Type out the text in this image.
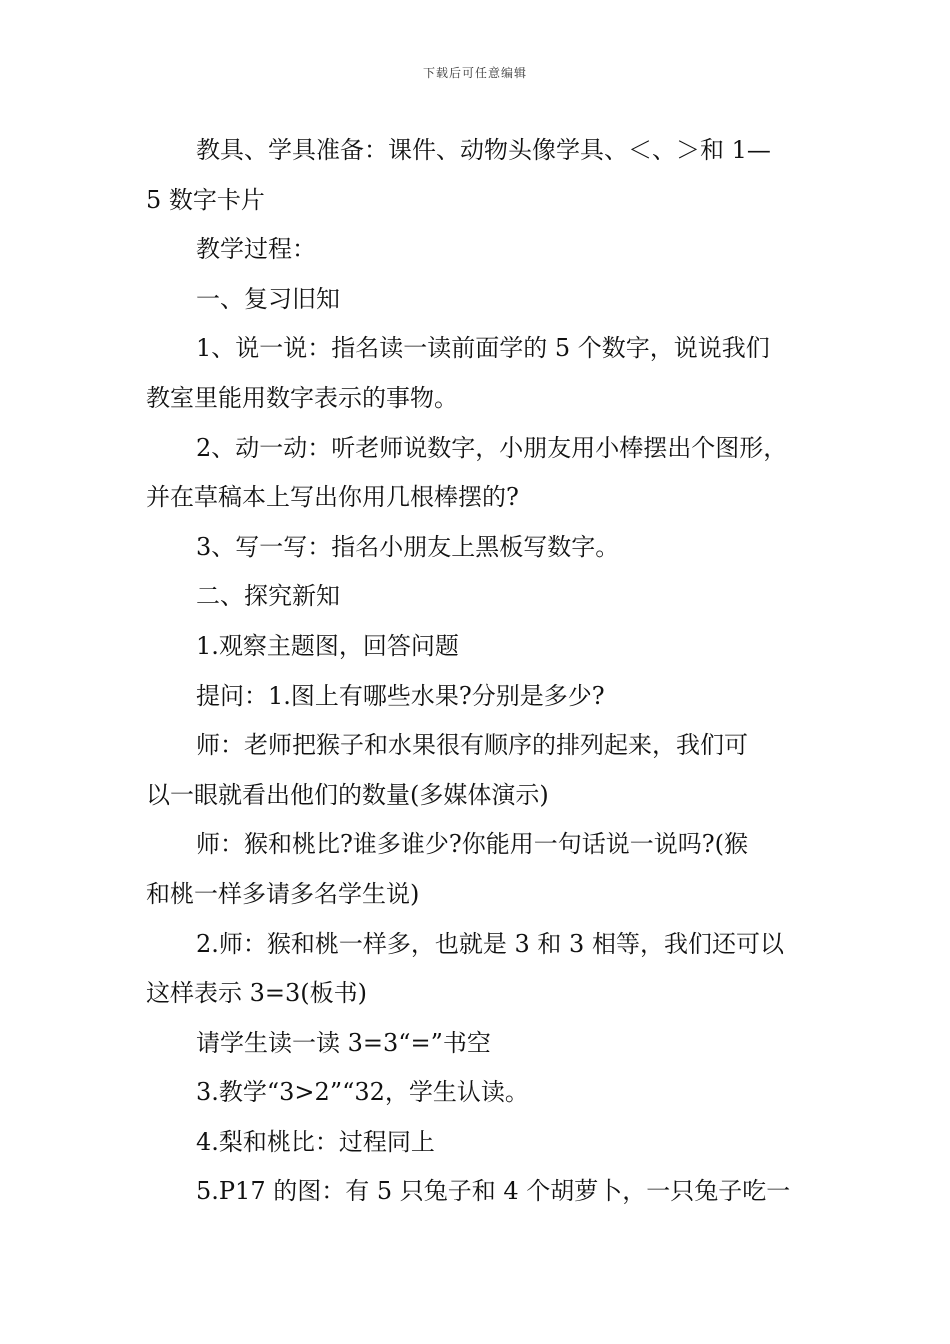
下载后可任意编辑
教具、学具准备：课件、动物头像学具、＜、＞和 1—
5 数字卡片
教学过程：
一、复习旧知
1、说一说：指名读一读前面学的 5 个数字，说说我们
教室里能用数字表示的事物。
2、动一动：听老师说数字，小朋友用小棒摆出个图形，
并在草稿本上写出你用几根棒摆的?
3、写一写：指名小朋友上黑板写数字。
二、探究新知
1.观察主题图，回答问题
提问：1.图上有哪些水果?分别是多少?
师：老师把猴子和水果很有顺序的排列起来，我们可
以一眼就看出他们的数量(多媒体演示)
师：猴和桃比?谁多谁少?你能用一句话说一说吗?(猴
和桃一样多请多名学生说)
2.师：猴和桃一样多，也就是 3 和 3 相等，我们还可以
这样表示 3=3(板书)
请学生读一读 3=3“=”书空
3.教学“3>2”“32，学生认读。
4.梨和桃比：过程同上
5.P17 的图：有 5 只兔子和 4 个胡萝卜，一只兔子吃一
